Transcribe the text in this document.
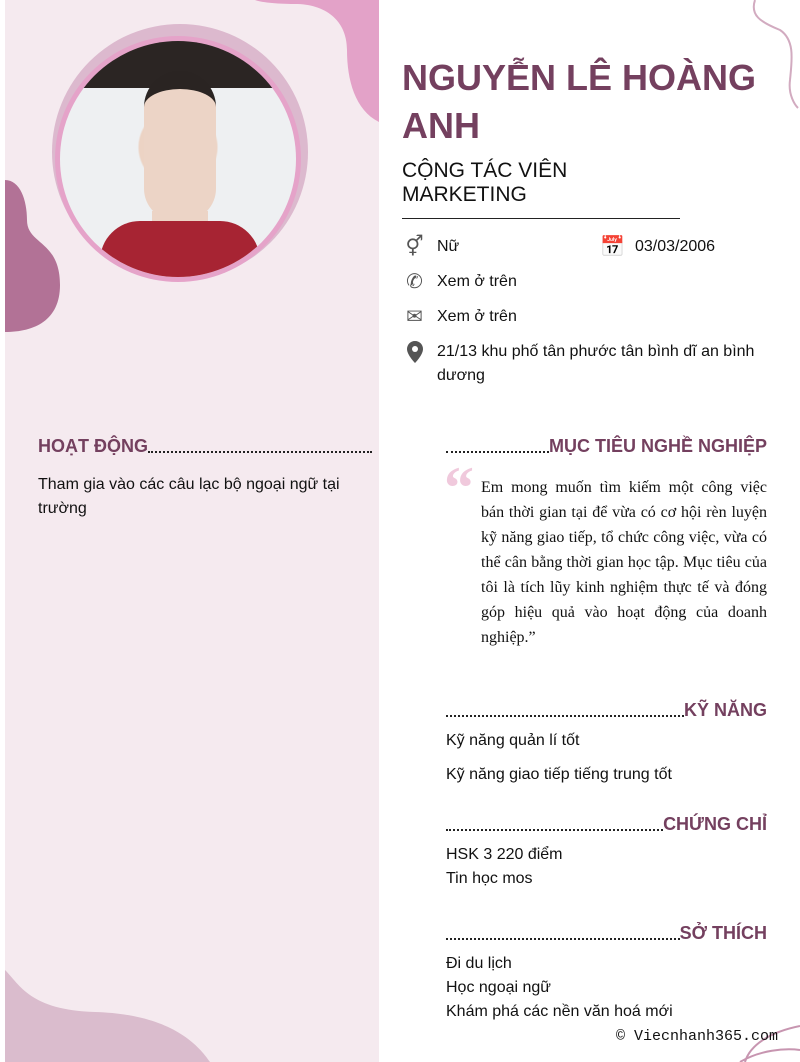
HOẠT ĐỘNG
Tham gia vào các câu lạc bộ ngoại ngữ tại trường
NGUYỄN LÊ HOÀNG ANH
CỘNG TÁC VIÊN MARKETING
⚥ Nữ	📅 03/03/2006
✆ Xem ở trên
✉ Xem ở trên
21/13 khu phố tân phước tân bình dĩ an bình dương
MỤC TIÊU NGHỀ NGHIỆP
“ Em mong muốn tìm kiếm một công việc bán thời gian tại để vừa có cơ hội rèn luyện kỹ năng giao tiếp, tổ chức công việc, vừa có thể cân bằng thời gian học tập. Mục tiêu của tôi là tích lũy kinh nghiệm thực tế và đóng góp hiệu quả vào hoạt động của doanh nghiệp.”
KỸ NĂNG
Kỹ năng quản lí tốt
Kỹ năng giao tiếp tiếng trung tốt
CHỨNG CHỈ
HSK 3 220 điểm
Tin học mos
SỞ THÍCH
Đi du lịch
Học ngoại ngữ
Khám phá các nền văn hoá mới
© Viecnhanh365.com
